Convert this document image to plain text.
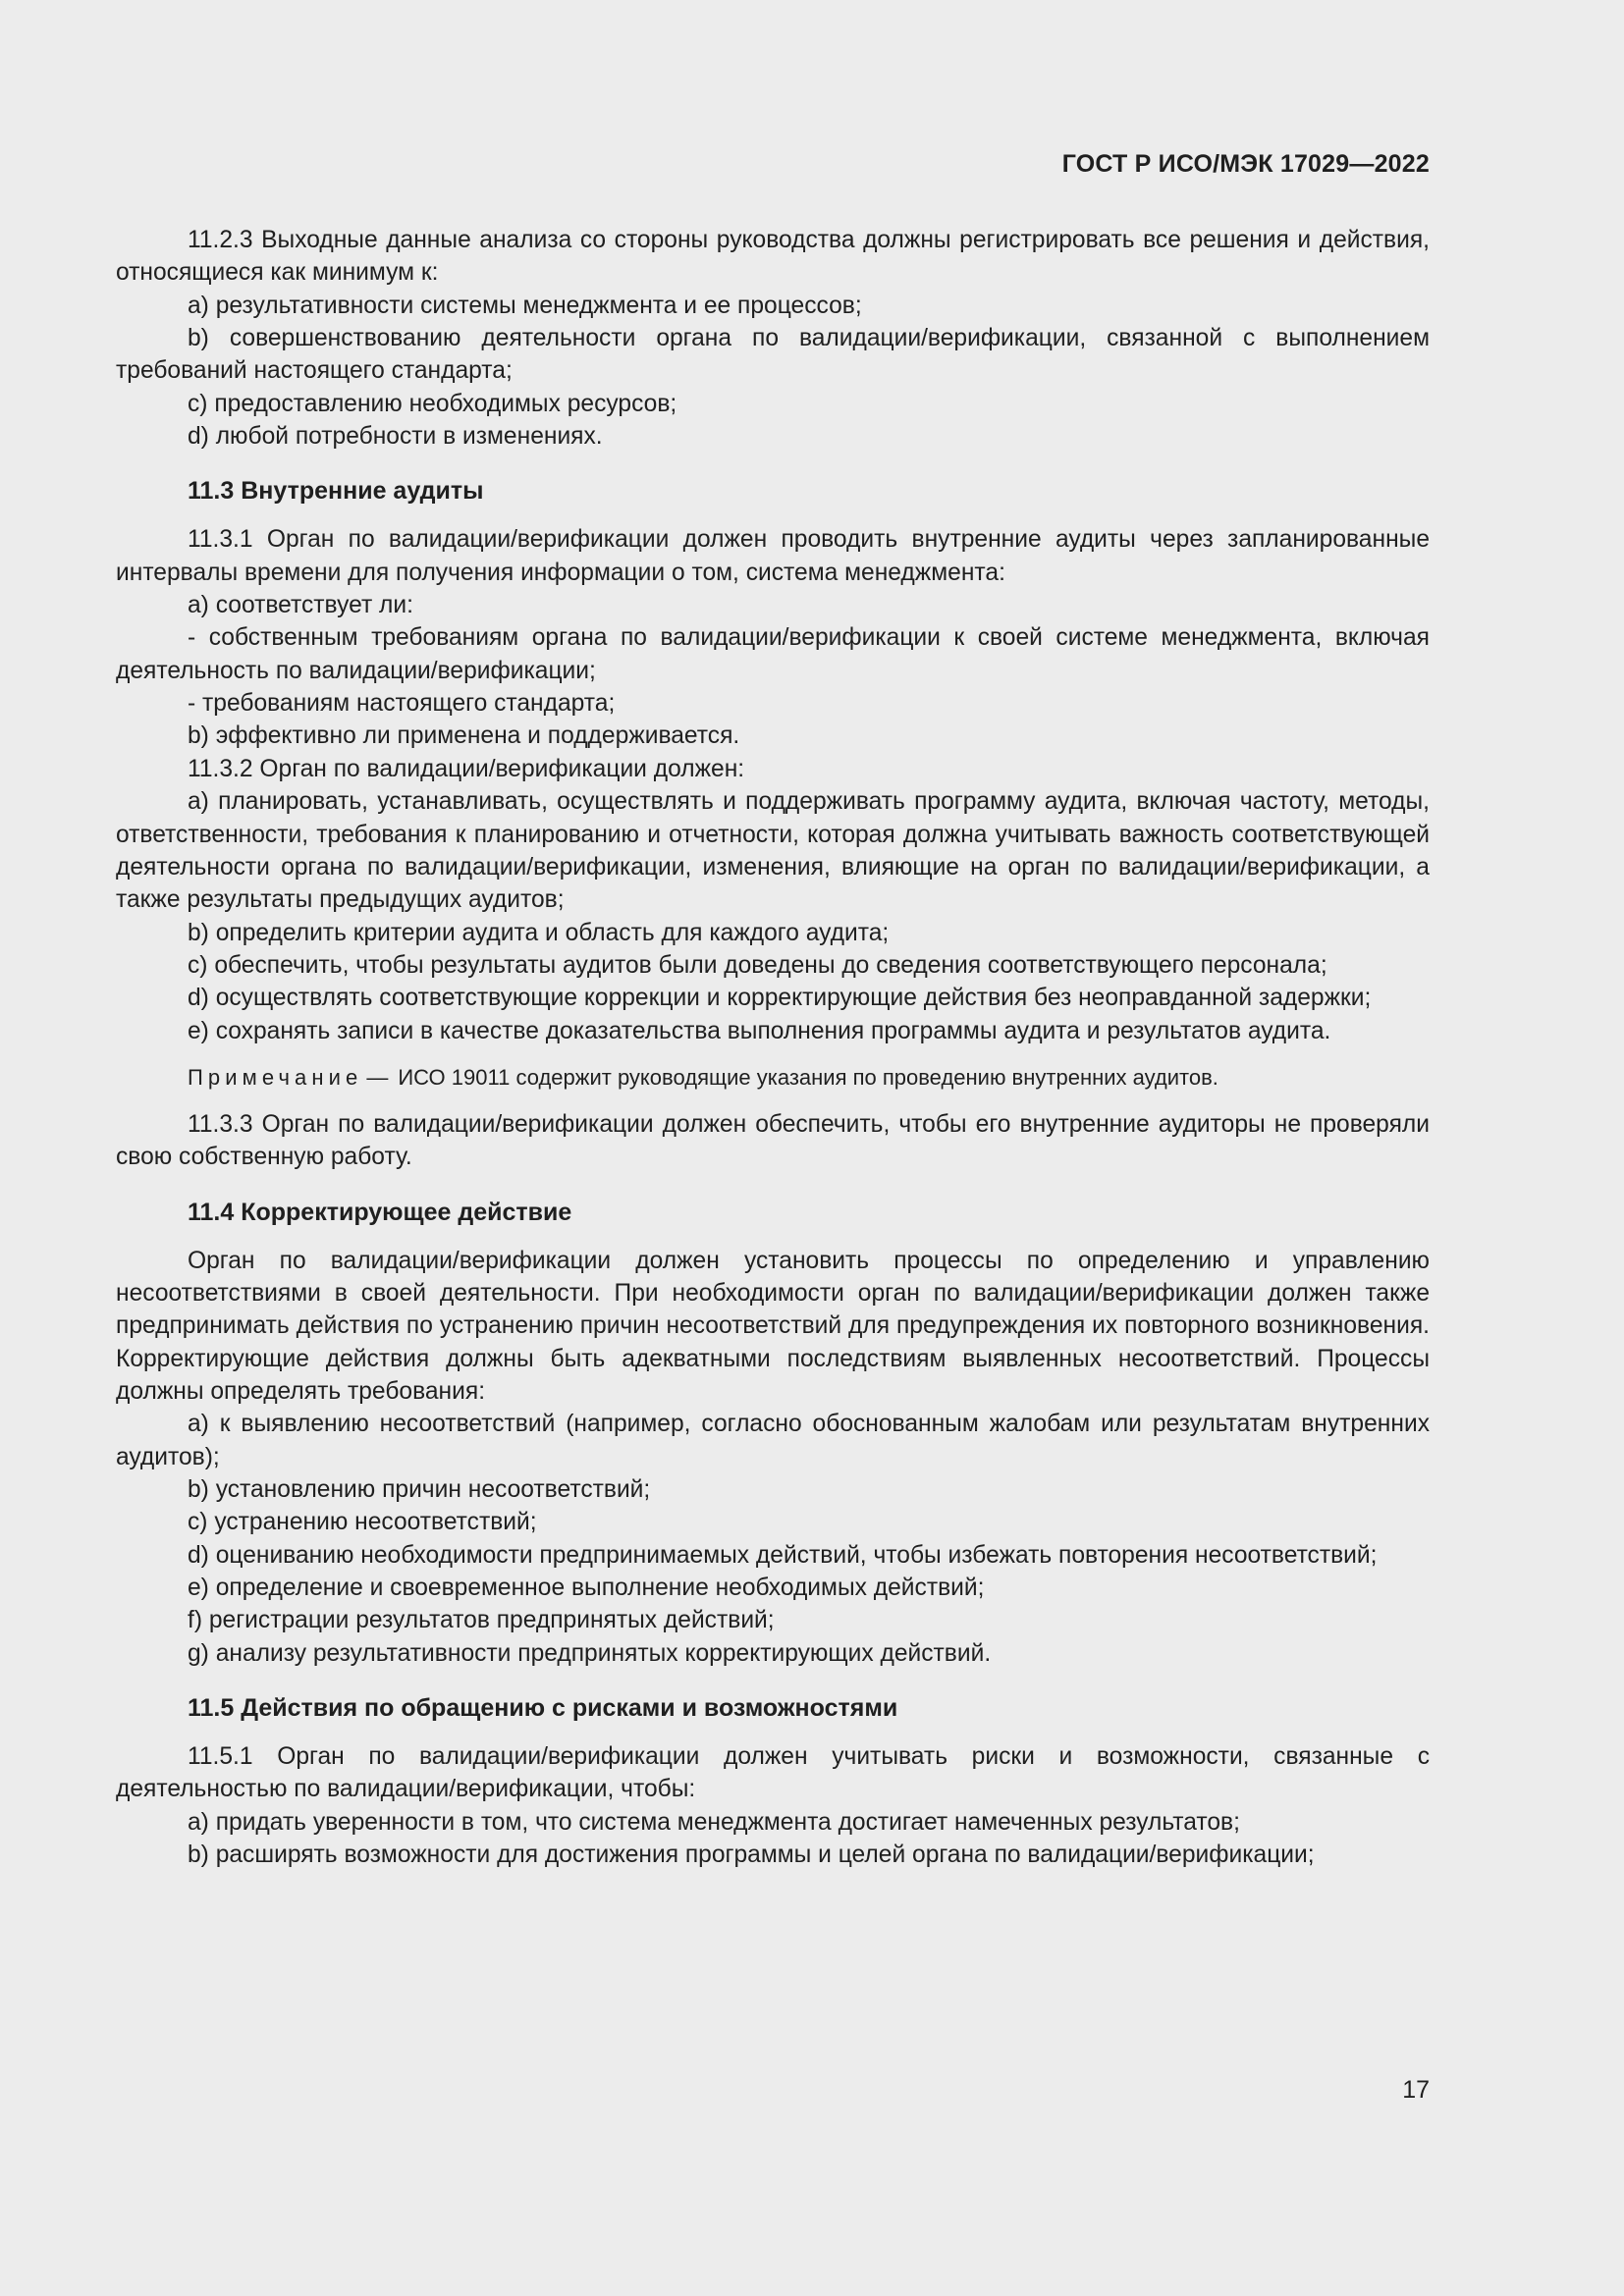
ГОСТ Р ИСО/МЭК 17029—2022

11.2.3 Выходные данные анализа со стороны руководства должны регистрировать все решения и действия, относящиеся как минимум к:

а) результативности системы менеджмента и ее процессов;

b) совершенствованию деятельности органа по валидации/верификации, связанной с выполнением требований настоящего стандарта;

с) предоставлению необходимых ресурсов;

d) любой потребности в изменениях.

11.3 Внутренние аудиты

11.3.1 Орган по валидации/верификации должен проводить внутренние аудиты через запланированные интервалы времени для получения информации о том, система менеджмента:

а) соответствует ли:

- собственным требованиям органа по валидации/верификации к своей системе менеджмента, включая деятельность по валидации/верификации;

- требованиям настоящего стандарта;

b) эффективно ли применена и поддерживается.

11.3.2 Орган по валидации/верификации должен:

а) планировать, устанавливать, осуществлять и поддерживать программу аудита, включая частоту, методы, ответственности, требования к планированию и отчетности, которая должна учитывать важность соответствующей деятельности органа по валидации/верификации, изменения, влияющие на орган по валидации/верификации, а также результаты предыдущих аудитов;

b) определить критерии аудита и область для каждого аудита;

с) обеспечить, чтобы результаты аудитов были доведены до сведения соответствующего персонала;

d) осуществлять соответствующие коррекции и корректирующие действия без неоправданной задержки;

е) сохранять записи в качестве доказательства выполнения программы аудита и результатов аудита.

Примечание — ИСО 19011 содержит руководящие указания по проведению внутренних аудитов.

11.3.3 Орган по валидации/верификации должен обеспечить, чтобы его внутренние аудиторы не проверяли свою собственную работу.

11.4 Корректирующее действие

Орган по валидации/верификации должен установить процессы по определению и управлению несоответствиями в своей деятельности. При необходимости орган по валидации/верификации должен также предпринимать действия по устранению причин несоответствий для предупреждения их повторного возникновения. Корректирующие действия должны быть адекватными последствиям выявленных несоответствий. Процессы должны определять требования:

а) к выявлению несоответствий (например, согласно обоснованным жалобам или результатам внутренних аудитов);

b) установлению причин несоответствий;

с) устранению несоответствий;

d) оцениванию необходимости предпринимаемых действий, чтобы избежать повторения несоответствий;

е) определение и своевременное выполнение необходимых действий;

f) регистрации результатов предпринятых действий;

g) анализу результативности предпринятых корректирующих действий.

11.5 Действия по обращению с рисками и возможностями

11.5.1 Орган по валидации/верификации должен учитывать риски и возможности, связанные с деятельностью по валидации/верификации, чтобы:

а) придать уверенности в том, что система менеджмента достигает намеченных результатов;

b) расширять возможности для достижения программы и целей органа по валидации/верификации;

17
